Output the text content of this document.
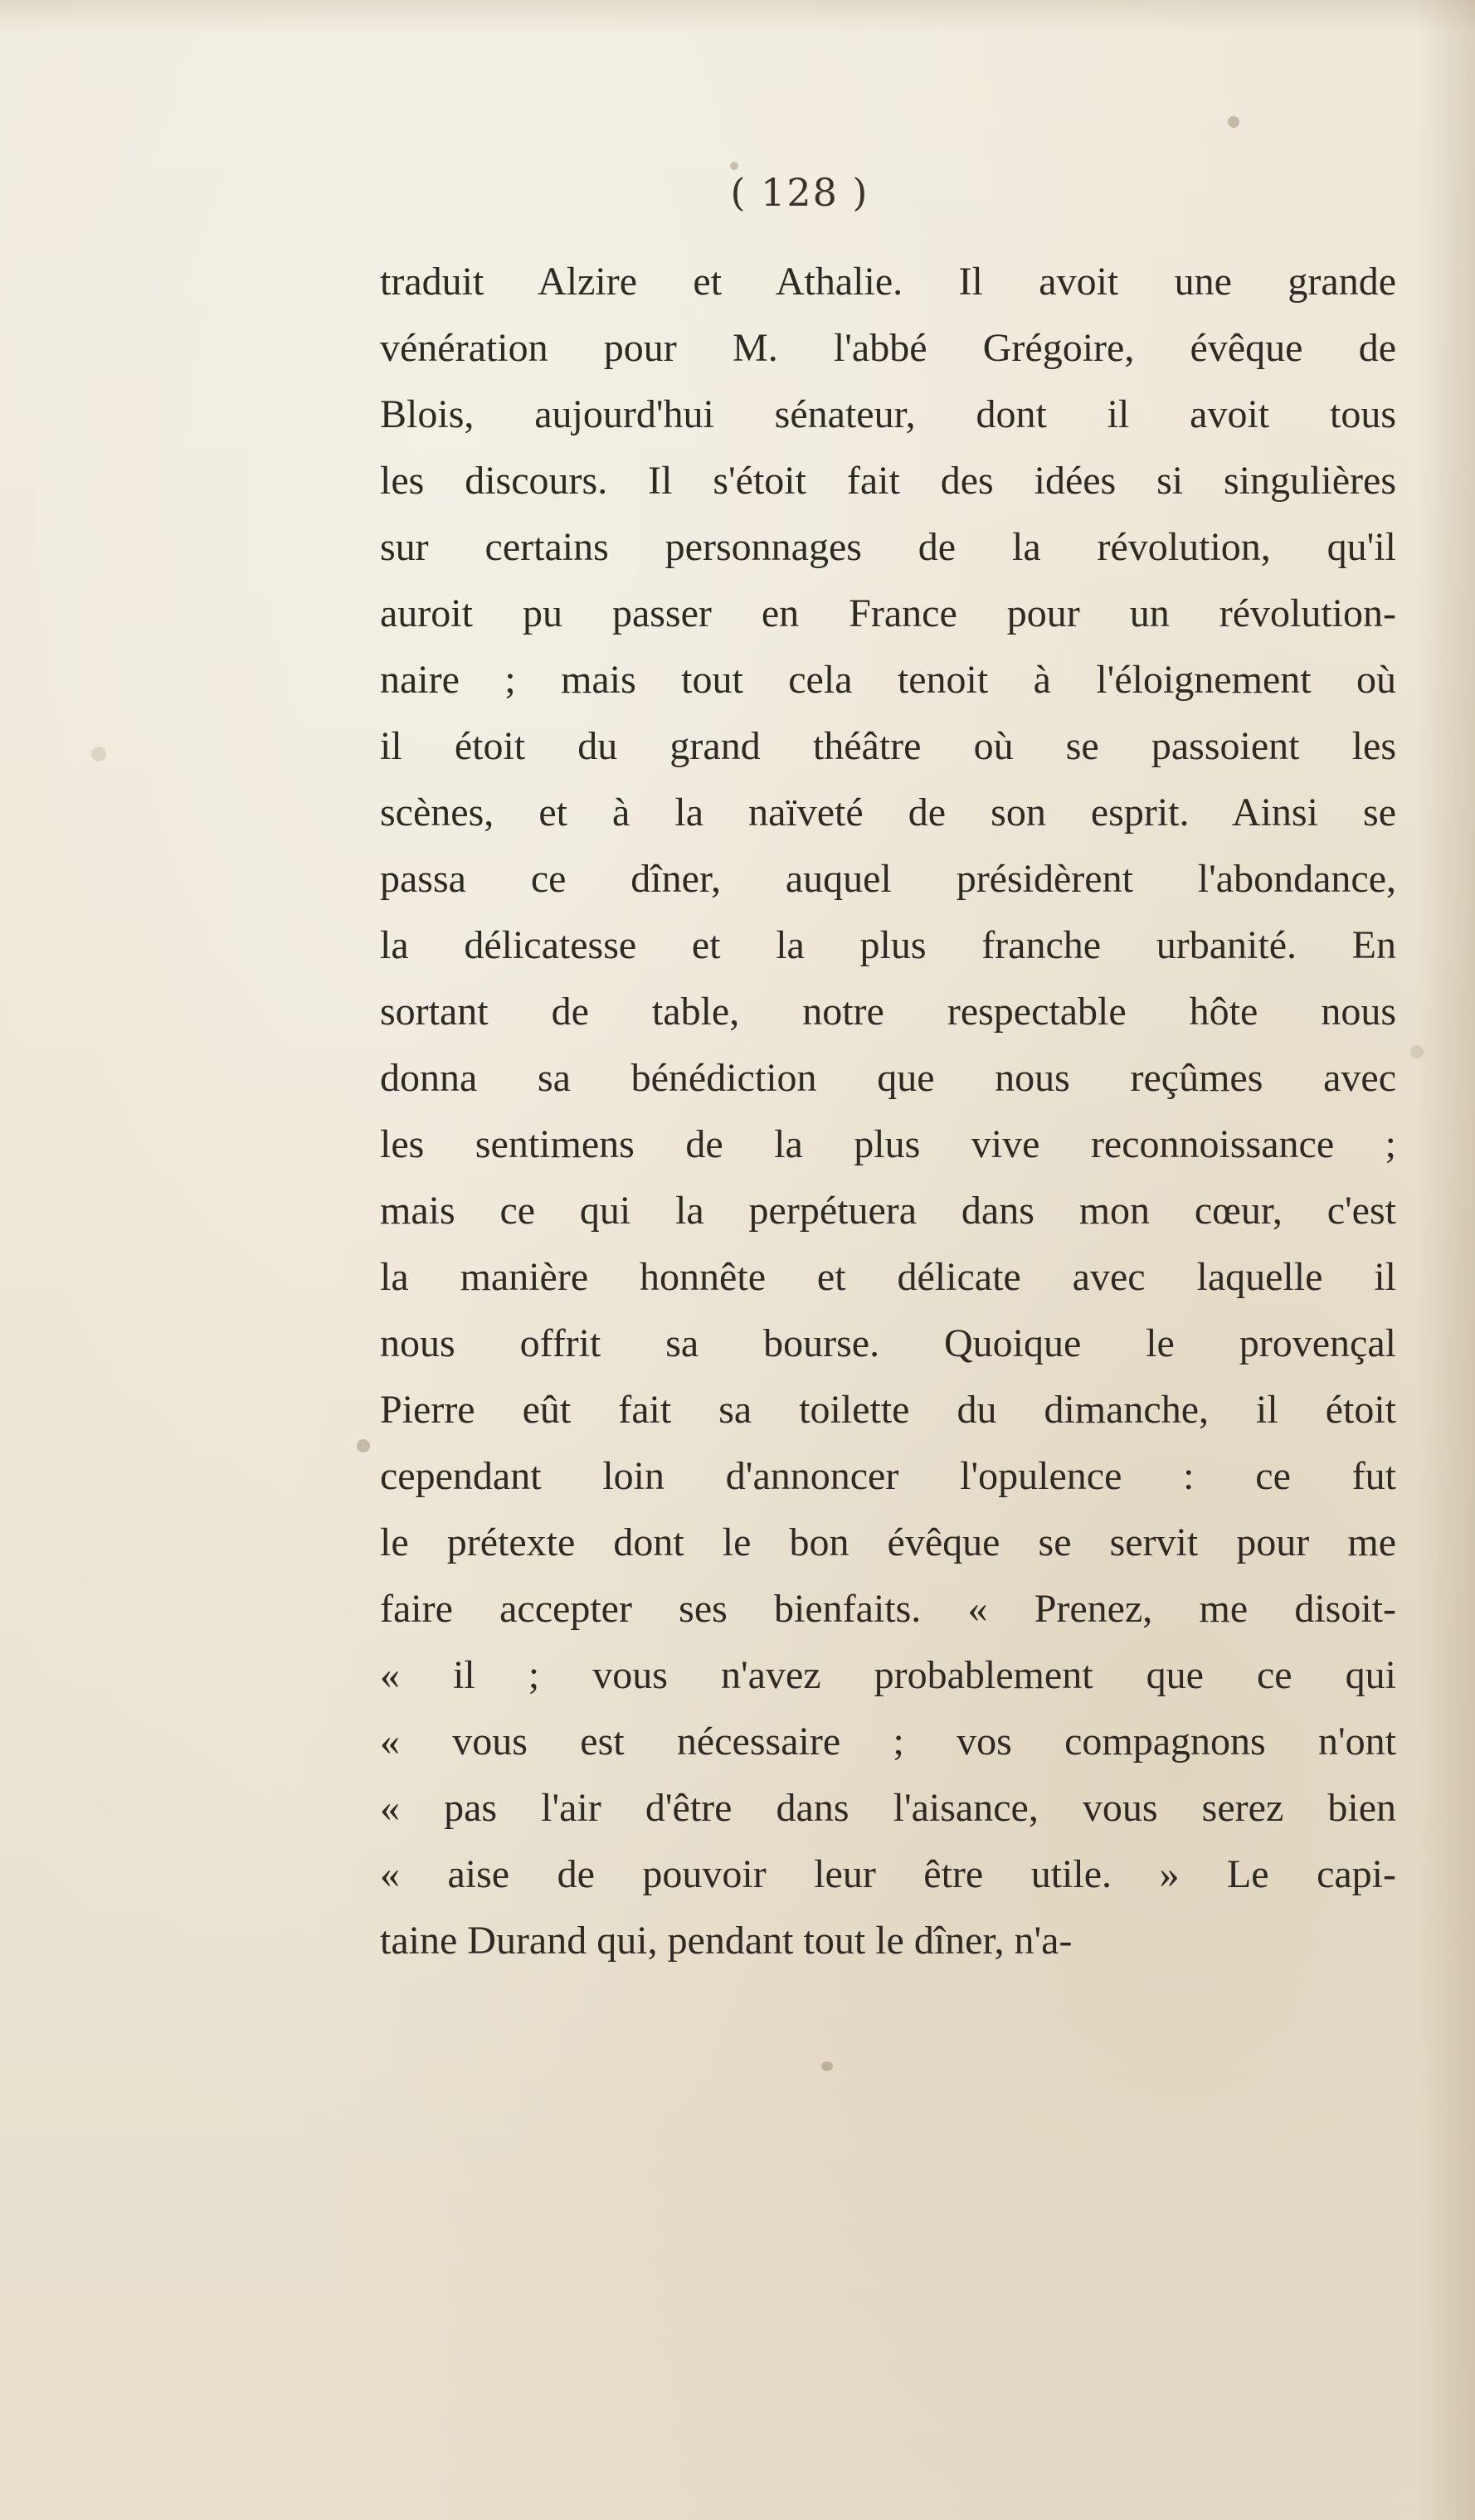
( 128 )
traduit Alzire et Athalie. Il avoit une grande
vénération pour M. l'abbé Grégoire, évêque de
Blois, aujourd'hui sénateur, dont il avoit tous
les discours. Il s'étoit fait des idées si singulières
sur certains personnages de la révolution, qu'il
auroit pu passer en France pour un révolution-
naire ; mais tout cela tenoit à l'éloignement où
il étoit du grand théâtre où se passoient les
scènes, et à la naïveté de son esprit. Ainsi se
passa ce dîner, auquel présidèrent l'abondance,
la délicatesse et la plus franche urbanité. En
sortant de table, notre respectable hôte nous
donna sa bénédiction que nous reçûmes avec
les sentimens de la plus vive reconnoissance ;
mais ce qui la perpétuera dans mon cœur, c'est
la manière honnête et délicate avec laquelle il
nous offrit sa bourse. Quoique le provençal
Pierre eût fait sa toilette du dimanche, il étoit
cependant loin d'annoncer l'opulence : ce fut
le prétexte dont le bon évêque se servit pour me
faire accepter ses bienfaits. « Prenez, me disoit-
« il ; vous n'avez probablement que ce qui
« vous est nécessaire ; vos compagnons n'ont
« pas l'air d'être dans l'aisance, vous serez bien
« aise de pouvoir leur être utile. » Le capi-
taine Durand qui, pendant tout le dîner, n'a-
